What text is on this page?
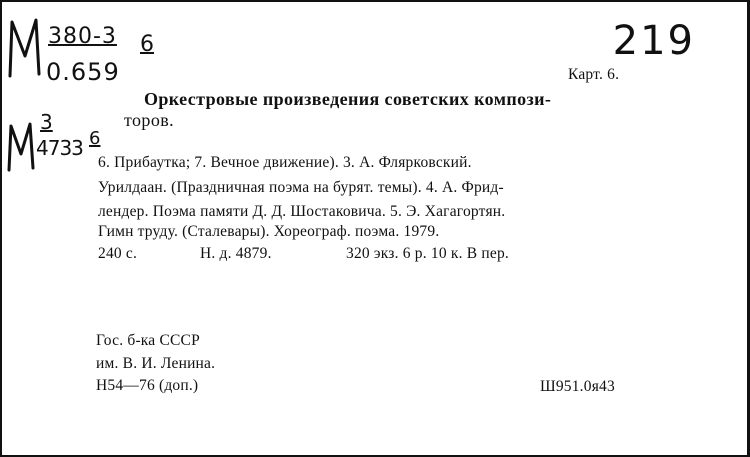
380-3
0.659
6
3
4733 6
219
Карт. 6.
Оркестровые произведения советских компози-
торов.
6. Прибаутка; 7. Вечное движение). 3. А. Флярковский.
Урилдаан. (Праздничная поэма на бурят. темы). 4. А. Фрид-
лендер. Поэма памяти Д. Д. Шостаковича. 5. Э. Хагагортян.
Гимн труду. (Сталевары). Хореограф. поэма. 1979.
240 с.	Н. д. 4879.	320 экз. 6 р. 10 к. В пер.
Гос. б-ка СССР
им. В. И. Ленина.
Н54—76 (доп.)	Ш951.0я43
